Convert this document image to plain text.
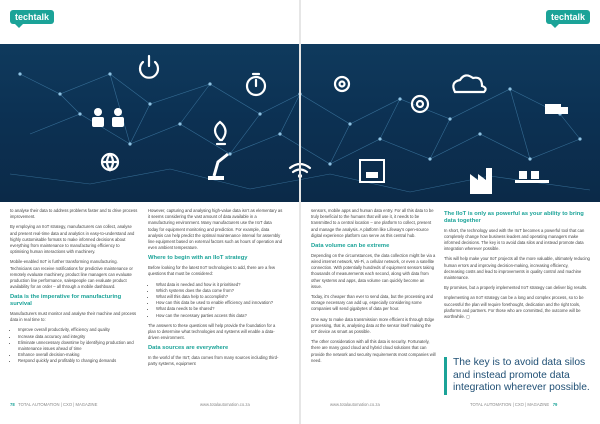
techtalk	techtalk

to analyse their data to address problems faster and to drive process improvement.

By employing an IIoT strategy, manufacturers can collect, analyse and present real-time data and analytics in easy-to-understand and highly customisable formats to make informed decisions about everything from maintenance to manufacturing efficiency to optimising human interactions with machinery.

Mobile-enabled IIoT is further transforming manufacturing. Technicians can receive notifications for predictive maintenance or remotely evaluate machinery, product line managers can evaluate production line performance, salespeople can evaluate product availability for an order – all through a mobile dashboard.

Data is the imperative for manufacturing survival

Manufacturers must monitor and analyse their machine and process data in real time to:

• Improve overall productivity, efficiency and quality
• Increase data accuracy and integrity
• Eliminate unnecessary downtime by identifying production and maintenance issues ahead of time
• Enhance overall decision-making
• Respond quickly and profitably to changing demands

However, capturing and analysing high-value data isn’t as elementary as it seems considering the vast amount of data available in a manufacturing environment. Many manufacturers use the IIoT data today for equipment monitoring and prediction. For example, data analysis can help predict the optimal maintenance interval for assembly line equipment based on external factors such as hours of operation and even ambient temperature.

Where to begin with an IIoT strategy

Before looking for the latest IIoT technologies to add, there are a few questions that must be considered:

• What data is needed and how is it prioritised?
• Which systems does the data come from?
• What will this data help to accomplish?
• How can this data be used to enable efficiency and innovation?
• What data needs to be shared?
• How can the necessary parties access this data?

The answers to these questions will help provide the foundation for a plan to determine what technologies and systems will enable a data-driven environment.

Data sources are everywhere

In the world of the IIoT, data comes from many sources including third-party systems, equipment

sensors, mobile apps and human data entry. For all this data to be truly beneficial to the humans that will use it, it needs to be transmitted to a central location – one platform to collect, present and manage the analysis. A platform like Lifeway’s open-source digital experience platform can serve as this central hub.

Data volume can be extreme

Depending on the circumstances, the data collection might be via a wired internet network, Wi-Fi, a cellular network, or even a satellite connection. With potentially hundreds of equipment sensors taking thousands of measurements each second, along with data from other systems and apps, data volume can quickly become an issue.

Today, it’s cheaper than ever to send data, but the processing and storage necessary can add up, especially considering some companies will send gigabytes of data per hour.

One way to make data transmission more efficient is through Edge processing, that is, analysing data at the sensor itself making the IoT device as smart as possible.

The other consideration with all this data is security. Fortunately, there are many good cloud and hybrid cloud solutions that can provide the network and security requirements most companies will need.

The IIoT is only as powerful as your ability to bring data together

In short, the technology used with the IIoT becomes a powerful tool that can completely change how business leaders and operating managers make informed decisions. The key is to avoid data silos and instead promote data integration wherever possible.

This will help make your IIoT projects all the more valuable, ultimately reducing human errors and improving decision-making, increasing efficiency, decreasing costs and lead to improvements in quality control and machine maintenance.

By promises, but a properly implemented IIoT strategy can deliver big results.

Implementing an IIoT strategy can be a long and complex process, so to be successful the plan will require forethought, dedication and the right tools, platforms and partners. For those who are committed, the outcome will be worthwhile. ▢

The key is to avoid data silos and instead promote data integration wherever possible.
78 TOTAL AUTOMATION | CXO | MAGAZINE	www.totalautomation.co.za	www.totalautomation.co.za	TOTAL AUTOMATION | CXO | MAGAZINE 79
